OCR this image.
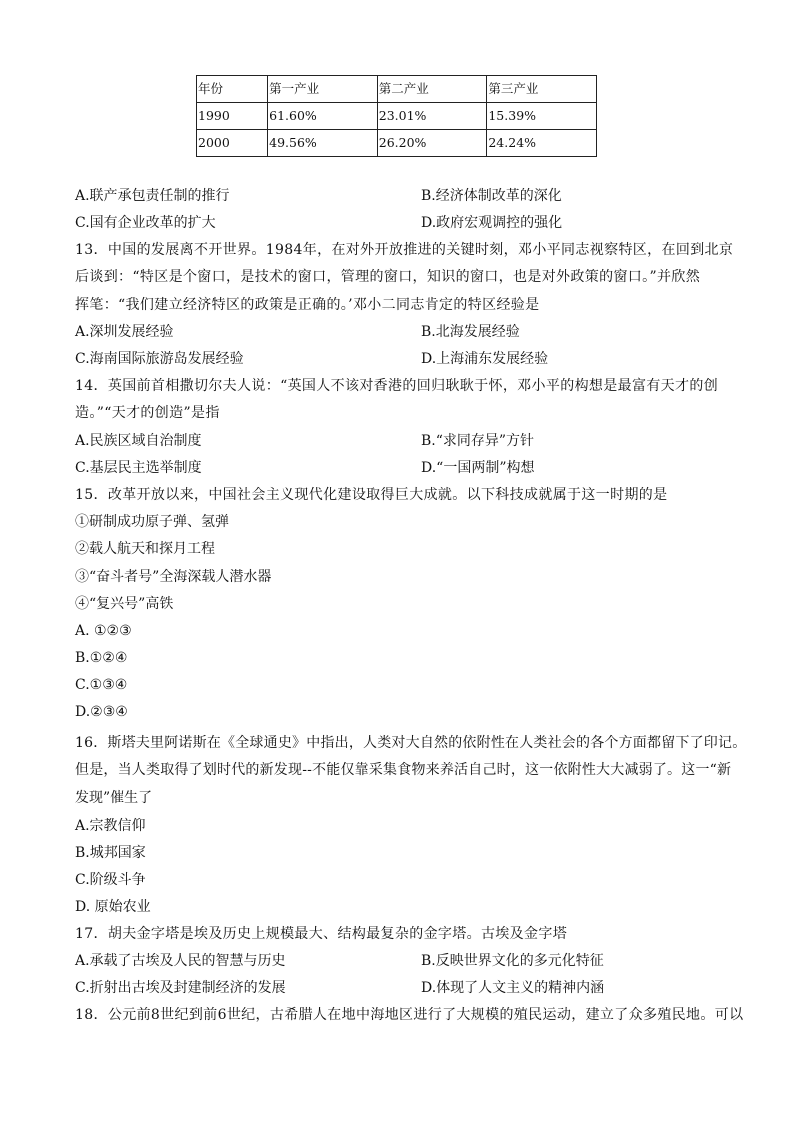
年份	第一产业	第二产业	第三产业
1990	61.60%	23.01%	15.39%
2000	49.56%	26.20%	24.24%
A.联产承包责任制的推行	B.经济体制改革的深化
C.国有企业改革的扩大	D.政府宏观调控的强化
13．中国的发展离不开世界。1984年，在对外开放推进的关键时刻，邓小平同志视察特区，在回到北京
后谈到：“特区是个窗口，是技术的窗口，管理的窗口，知识的窗口，也是对外政策的窗口。”并欣然
挥笔：“我们建立经济特区的政策是正确的。’邓小二同志肯定的特区经验是
A.深圳发展经验	B.北海发展经验
C.海南国际旅游岛发展经验	D.上海浦东发展经验
14．英国前首相撒切尔夫人说：“英国人不该对香港的回归耿耿于怀，邓小平的构想是最富有天才的创
造。”“天才的创造”是指
A.民族区域自治制度	B.“求同存异”方针
C.基层民主选举制度	D.“一国两制”构想
15．改革开放以来，中国社会主义现代化建设取得巨大成就。以下科技成就属于这一时期的是
①研制成功原子弹、氢弹
②载人航天和探月工程
③“奋斗者号”全海深载人潜水器
④“复兴号”高铁
A. ①②③
B.①②④
C.①③④
D.②③④
16．斯塔夫里阿诺斯在《全球通史》中指出，人类对大自然的依附性在人类社会的各个方面都留下了印记。
但是，当人类取得了划时代的新发现--不能仅靠采集食物来养活自己时，这一依附性大大减弱了。这一“新
发现”催生了
A.宗教信仰
B.城邦国家
C.阶级斗争
D. 原始农业
17．胡夫金字塔是埃及历史上规模最大、结构最复杂的金字塔。古埃及金字塔
A.承载了古埃及人民的智慧与历史	B.反映世界文化的多元化特征
C.折射出古埃及封建制经济的发展	D.体现了人文主义的精神内涵
18．公元前8世纪到前6世纪，古希腊人在地中海地区进行了大规模的殖民运动，建立了众多殖民地。可以
